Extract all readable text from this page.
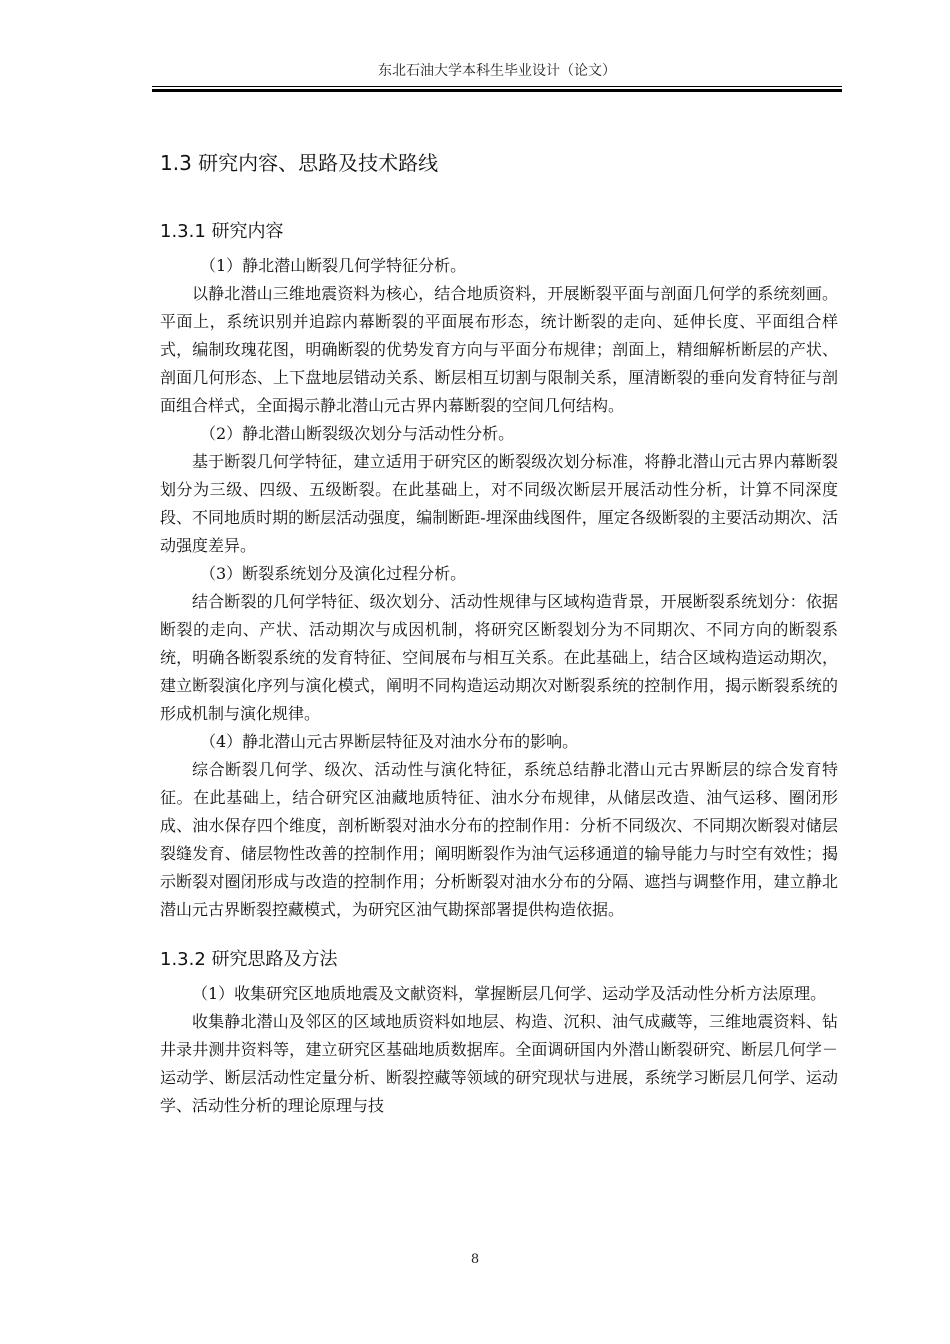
东北石油大学本科生毕业设计（论文）
1.3 研究内容、思路及技术路线
1.3.1 研究内容
（1）静北潜山断裂几何学特征分析。
以静北潜山三维地震资料为核心，结合地质资料，开展断裂平面与剖面几何学的系统刻画。平面上，系统识别并追踪内幕断裂的平面展布形态，统计断裂的走向、延伸长度、平面组合样式，编制玫瑰花图，明确断裂的优势发育方向与平面分布规律；剖面上，精细解析断层的产状、剖面几何形态、上下盘地层错动关系、断层相互切割与限制关系，厘清断裂的垂向发育特征与剖面组合样式，全面揭示静北潜山元古界内幕断裂的空间几何结构。
（2）静北潜山断裂级次划分与活动性分析。
基于断裂几何学特征，建立适用于研究区的断裂级次划分标准，将静北潜山元古界内幕断裂划分为三级、四级、五级断裂。在此基础上，对不同级次断层开展活动性分析，计算不同深度段、不同地质时期的断层活动强度，编制断距-埋深曲线图件，厘定各级断裂的主要活动期次、活动强度差异。
（3）断裂系统划分及演化过程分析。
结合断裂的几何学特征、级次划分、活动性规律与区域构造背景，开展断裂系统划分：依据断裂的走向、产状、活动期次与成因机制，将研究区断裂划分为不同期次、不同方向的断裂系统，明确各断裂系统的发育特征、空间展布与相互关系。在此基础上，结合区域构造运动期次，建立断裂演化序列与演化模式，阐明不同构造运动期次对断裂系统的控制作用，揭示断裂系统的形成机制与演化规律。
（4）静北潜山元古界断层特征及对油水分布的影响。
综合断裂几何学、级次、活动性与演化特征，系统总结静北潜山元古界断层的综合发育特征。在此基础上，结合研究区油藏地质特征、油水分布规律，从储层改造、油气运移、圈闭形成、油水保存四个维度，剖析断裂对油水分布的控制作用：分析不同级次、不同期次断裂对储层裂缝发育、储层物性改善的控制作用；阐明断裂作为油气运移通道的输导能力与时空有效性；揭示断裂对圈闭形成与改造的控制作用；分析断裂对油水分布的分隔、遮挡与调整作用，建立静北潜山元古界断裂控藏模式，为研究区油气勘探部署提供构造依据。
1.3.2 研究思路及方法
（1）收集研究区地质地震及文献资料，掌握断层几何学、运动学及活动性分析方法原理。
收集静北潜山及邻区的区域地质资料如地层、构造、沉积、油气成藏等，三维地震资料、钻井录井测井资料等，建立研究区基础地质数据库。全面调研国内外潜山断裂研究、断层几何学－运动学、断层活动性定量分析、断裂控藏等领域的研究现状与进展，系统学习断层几何学、运动学、活动性分析的理论原理与技
8
